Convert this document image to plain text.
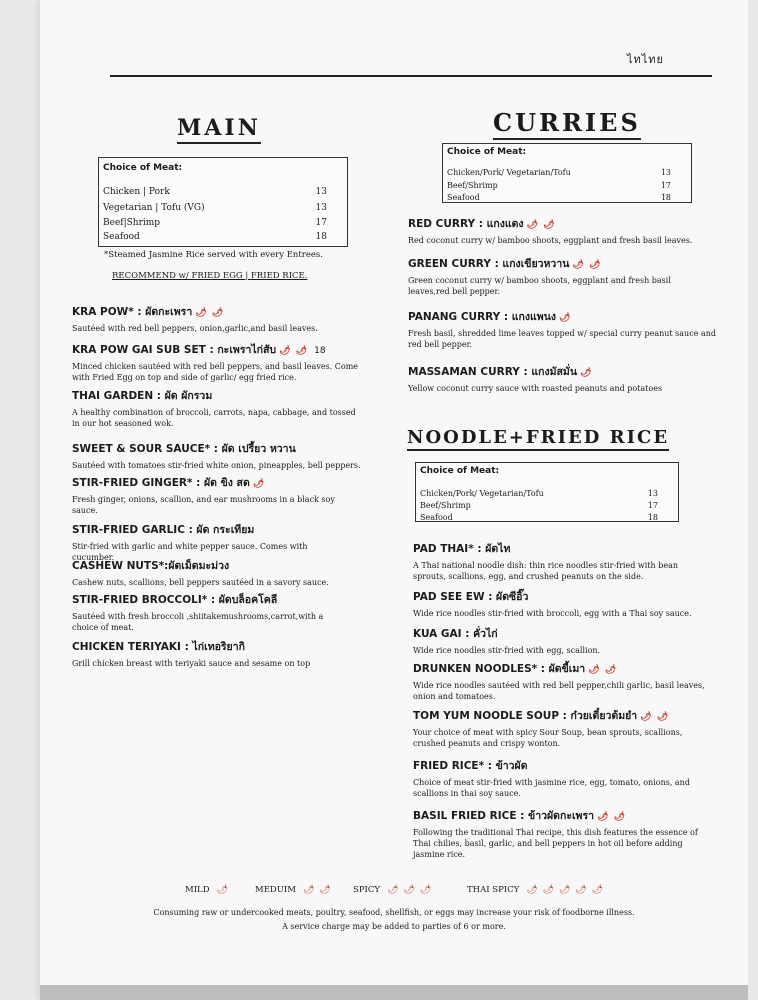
ไทไทย
MAIN
Choice of Meat:
Chicken | Pork	13
Vegetarian | Tofu (VG)	13
Beef|Shrimp	17
Seafood	18
*Steamed Jasmine Rice served with every Entrees.
RECOMMEND w/ FRIED EGG | FRIED RICE.
KRA POW* : ผัดกะเพรา 🌶 🌶
Sautéed with red bell peppers, onion,garlic,and basil leaves.
KRA POW GAI SUB SET : กะเพราไก่สับ 🌶 🌶 18
Minced chicken sautéed with red bell peppers, and basil leaves. Come with Fried Egg on top and side of garlic/ egg fried rice.
THAI GARDEN : ผัด ผักรวม
A healthy combination of broccoli, carrots, napa, cabbage, and tossed in our hot seasoned wok.
SWEET & SOUR SAUCE* : ผัด เปรี้ยว หวาน
Sautéed with tomatoes stir-fried white onion, pineapples, bell peppers.
STIR-FRIED GINGER* : ผัด ขิง สด 🌶
Fresh ginger, onions, scallion, and ear mushrooms in a black soy sauce.
STIR-FRIED GARLIC : ผัด กระเทียม
Stir-fried with garlic and white pepper sauce. Comes with cucumber.
CASHEW NUTS*:ผัดเม็ดมะม่วง
Cashew nuts, scallions, bell peppers sautéed in a savory sauce.
STIR-FRIED BROCCOLI* : ผัดบล็อคโคลี
Sautéed with fresh broccoli ,shiitakemushrooms,carrot,with a choice of meat.
CHICKEN TERIYAKI : ไก่เทอริยากิ
Grill chicken breast with teriyaki sauce and sesame on top
CURRIES
Choice of Meat:
Chicken/Pork/ Vegetarian/Tofu	13
Beef/Shrimp	17
Seafood	18
RED CURRY : แกงแดง 🌶 🌶
Red coconut curry w/ bamboo shoots, eggplant and fresh basil leaves.
GREEN CURRY : แกงเขียวหวาน 🌶 🌶
Green coconut curry w/ bamboo shoots, eggplant and fresh basil leaves,red bell pepper.
PANANG CURRY : แกงแพนง 🌶
Fresh basil, shredded lime leaves topped w/ special curry peanut sauce and red bell pepper.
MASSAMAN CURRY : แกงมัสมั่น 🌶
Yellow coconut curry sauce with roasted peanuts and potatoes
NOODLE+FRIED RICE
Choice of Meat:
Chicken/Pork/ Vegetarian/Tofu	13
Beef/Shrimp	17
Seafood	18
PAD THAI* : ผัดไท
A Thai national noodle dish: thin rice noodles stir-fried with bean sprouts, scallions, egg, and crushed peanuts on the side.
PAD SEE EW : ผัดซีอิ๊ว
Wide rice noodles stir-fried with broccoli, egg with a Thai soy sauce.
KUA GAI : คั่วไก่
Wide rice noodles stir-fried with egg, scallion.
DRUNKEN NOODLES* : ผัดขี้เมา 🌶 🌶
Wide rice noodles sautéed with red bell pepper,chili garlic, basil leaves, onion and tomatoes.
TOM YUM NOODLE SOUP : ก๋วยเตี๋ยวต้มยำ 🌶 🌶
Your choice of meat with spicy Sour Soup, bean sprouts, scallions, crushed peanuts and crispy wonton.
FRIED RICE* : ข้าวผัด
Choice of meat stir-fried with jasmine rice, egg, tomato, onions, and scallions in thai soy sauce.
BASIL FRIED RICE : ข้าวผัดกะเพรา 🌶 🌶
Following the traditional Thai recipe, this dish features the essence of Thai chilies, basil, garlic, and bell peppers in hot oil before adding jasmine rice.
MILD 🌶	MEDUIM 🌶 🌶	SPICY 🌶 🌶 🌶	THAI SPICY 🌶 🌶 🌶 🌶 🌶
Consuming raw or undercooked meats, poultry, seafood, shellfish, or eggs may increase your risk of foodborne illness.
A service charge may be added to parties of 6 or more.
